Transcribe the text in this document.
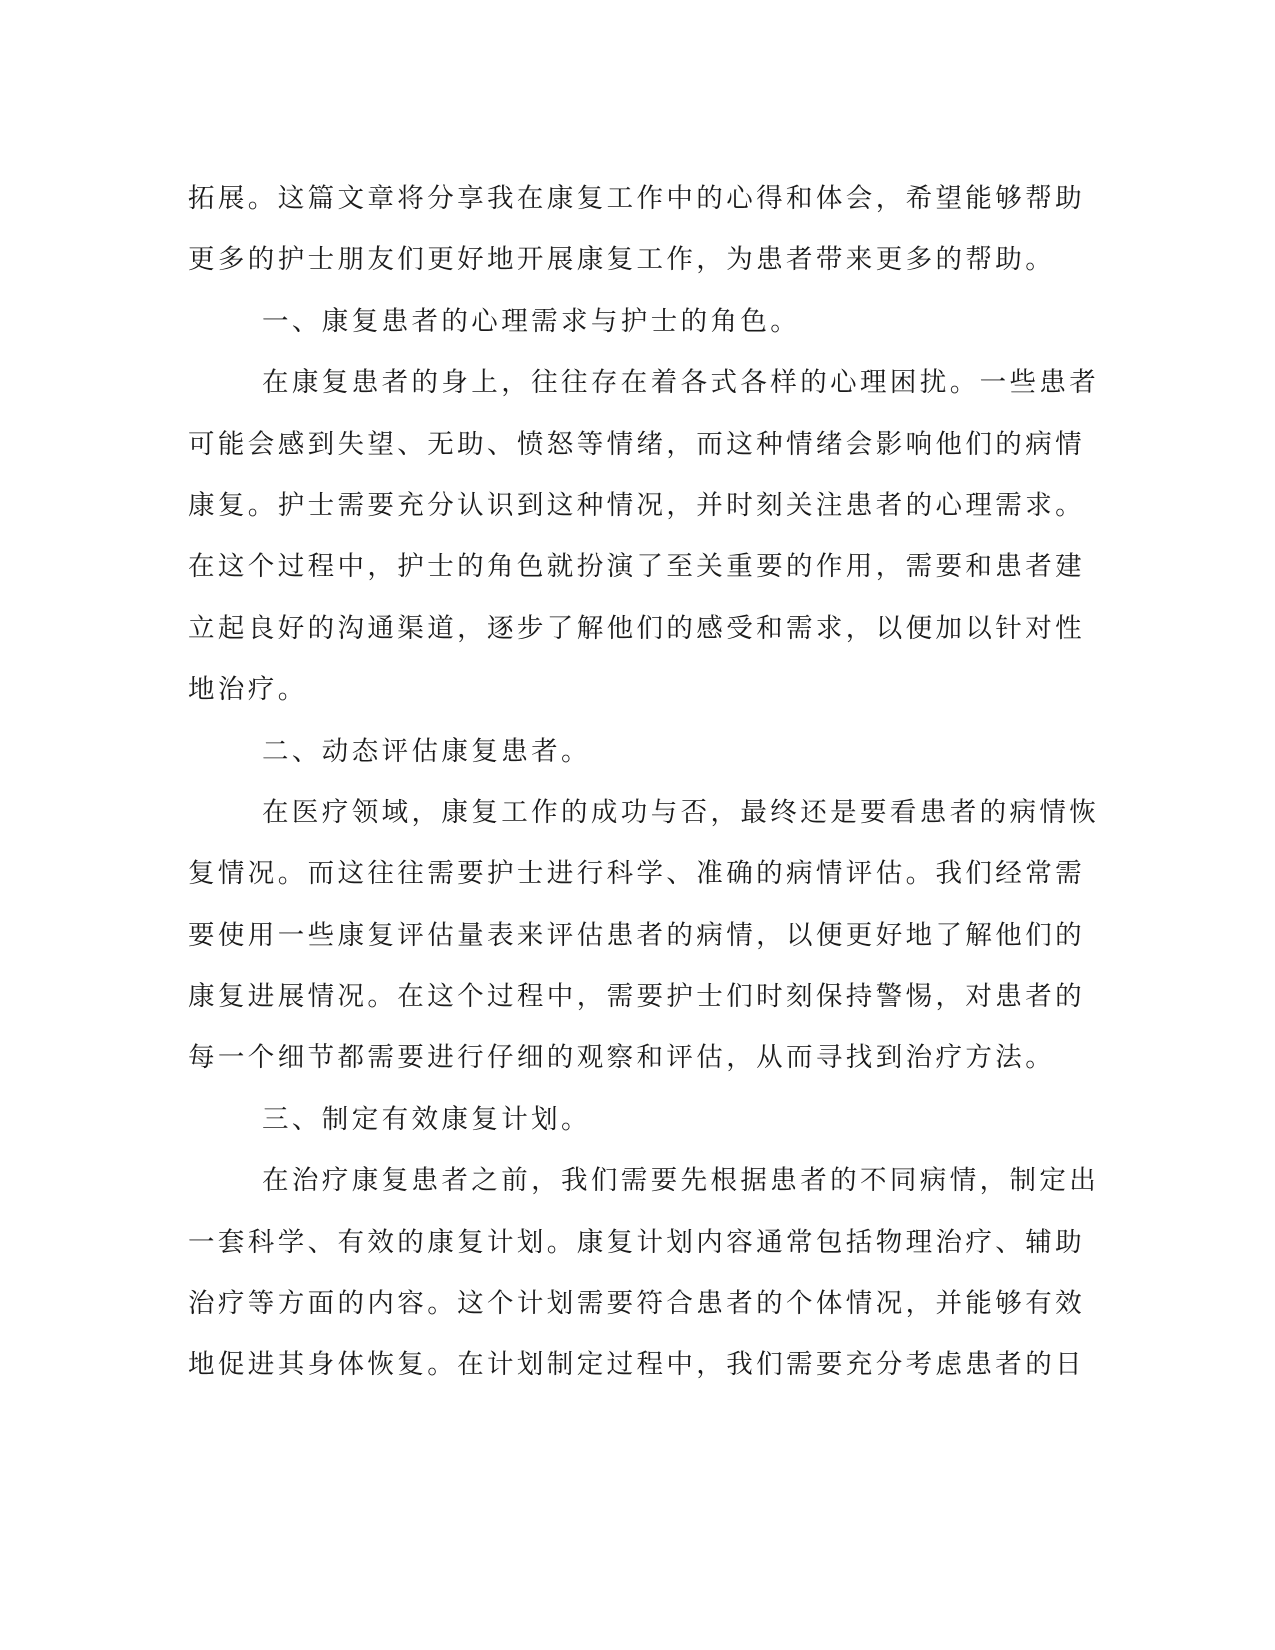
拓展。这篇文章将分享我在康复工作中的心得和体会，希望能够帮助
更多的护士朋友们更好地开展康复工作，为患者带来更多的帮助。
一、康复患者的心理需求与护士的角色。
在康复患者的身上，往往存在着各式各样的心理困扰。一些患者
可能会感到失望、无助、愤怒等情绪，而这种情绪会影响他们的病情
康复。护士需要充分认识到这种情况，并时刻关注患者的心理需求。
在这个过程中，护士的角色就扮演了至关重要的作用，需要和患者建
立起良好的沟通渠道，逐步了解他们的感受和需求，以便加以针对性
地治疗。
二、动态评估康复患者。
在医疗领域，康复工作的成功与否，最终还是要看患者的病情恢
复情况。而这往往需要护士进行科学、准确的病情评估。我们经常需
要使用一些康复评估量表来评估患者的病情，以便更好地了解他们的
康复进展情况。在这个过程中，需要护士们时刻保持警惕，对患者的
每一个细节都需要进行仔细的观察和评估，从而寻找到治疗方法。
三、制定有效康复计划。
在治疗康复患者之前，我们需要先根据患者的不同病情，制定出
一套科学、有效的康复计划。康复计划内容通常包括物理治疗、辅助
治疗等方面的内容。这个计划需要符合患者的个体情况，并能够有效
地促进其身体恢复。在计划制定过程中，我们需要充分考虑患者的日
